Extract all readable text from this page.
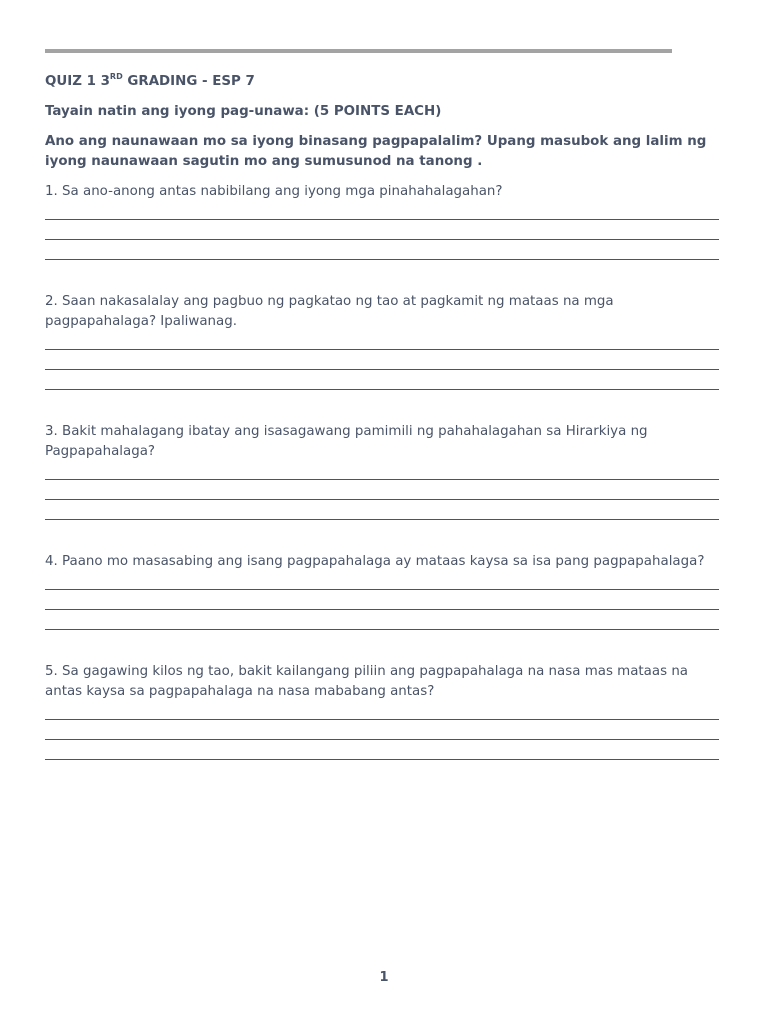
QUIZ 1 3RD GRADING - ESP 7
Tayain natin ang iyong pag-unawa: (5 POINTS EACH)
Ano ang naunawaan mo sa iyong binasang pagpapalalim? Upang masubok ang lalim ng iyong naunawaan sagutin mo ang sumusunod na tanong .
1. Sa ano-anong antas nabibilang ang iyong mga pinahahalagahan?
2. Saan nakasalalay ang pagbuo ng pagkatao ng tao at pagkamit ng mataas na mga pagpapahalaga? Ipaliwanag.
3. Bakit mahalagang ibatay ang isasagawang pamimili ng pahahalagahan sa Hirarkiya ng Pagpapahalaga?
4. Paano mo masasabing ang isang pagpapahalaga ay mataas kaysa sa isa pang pagpapahalaga?
5. Sa gagawing kilos ng tao, bakit kailangang piliin ang pagpapahalaga na nasa mas mataas na antas kaysa sa pagpapahalaga na nasa mababang antas?
1
